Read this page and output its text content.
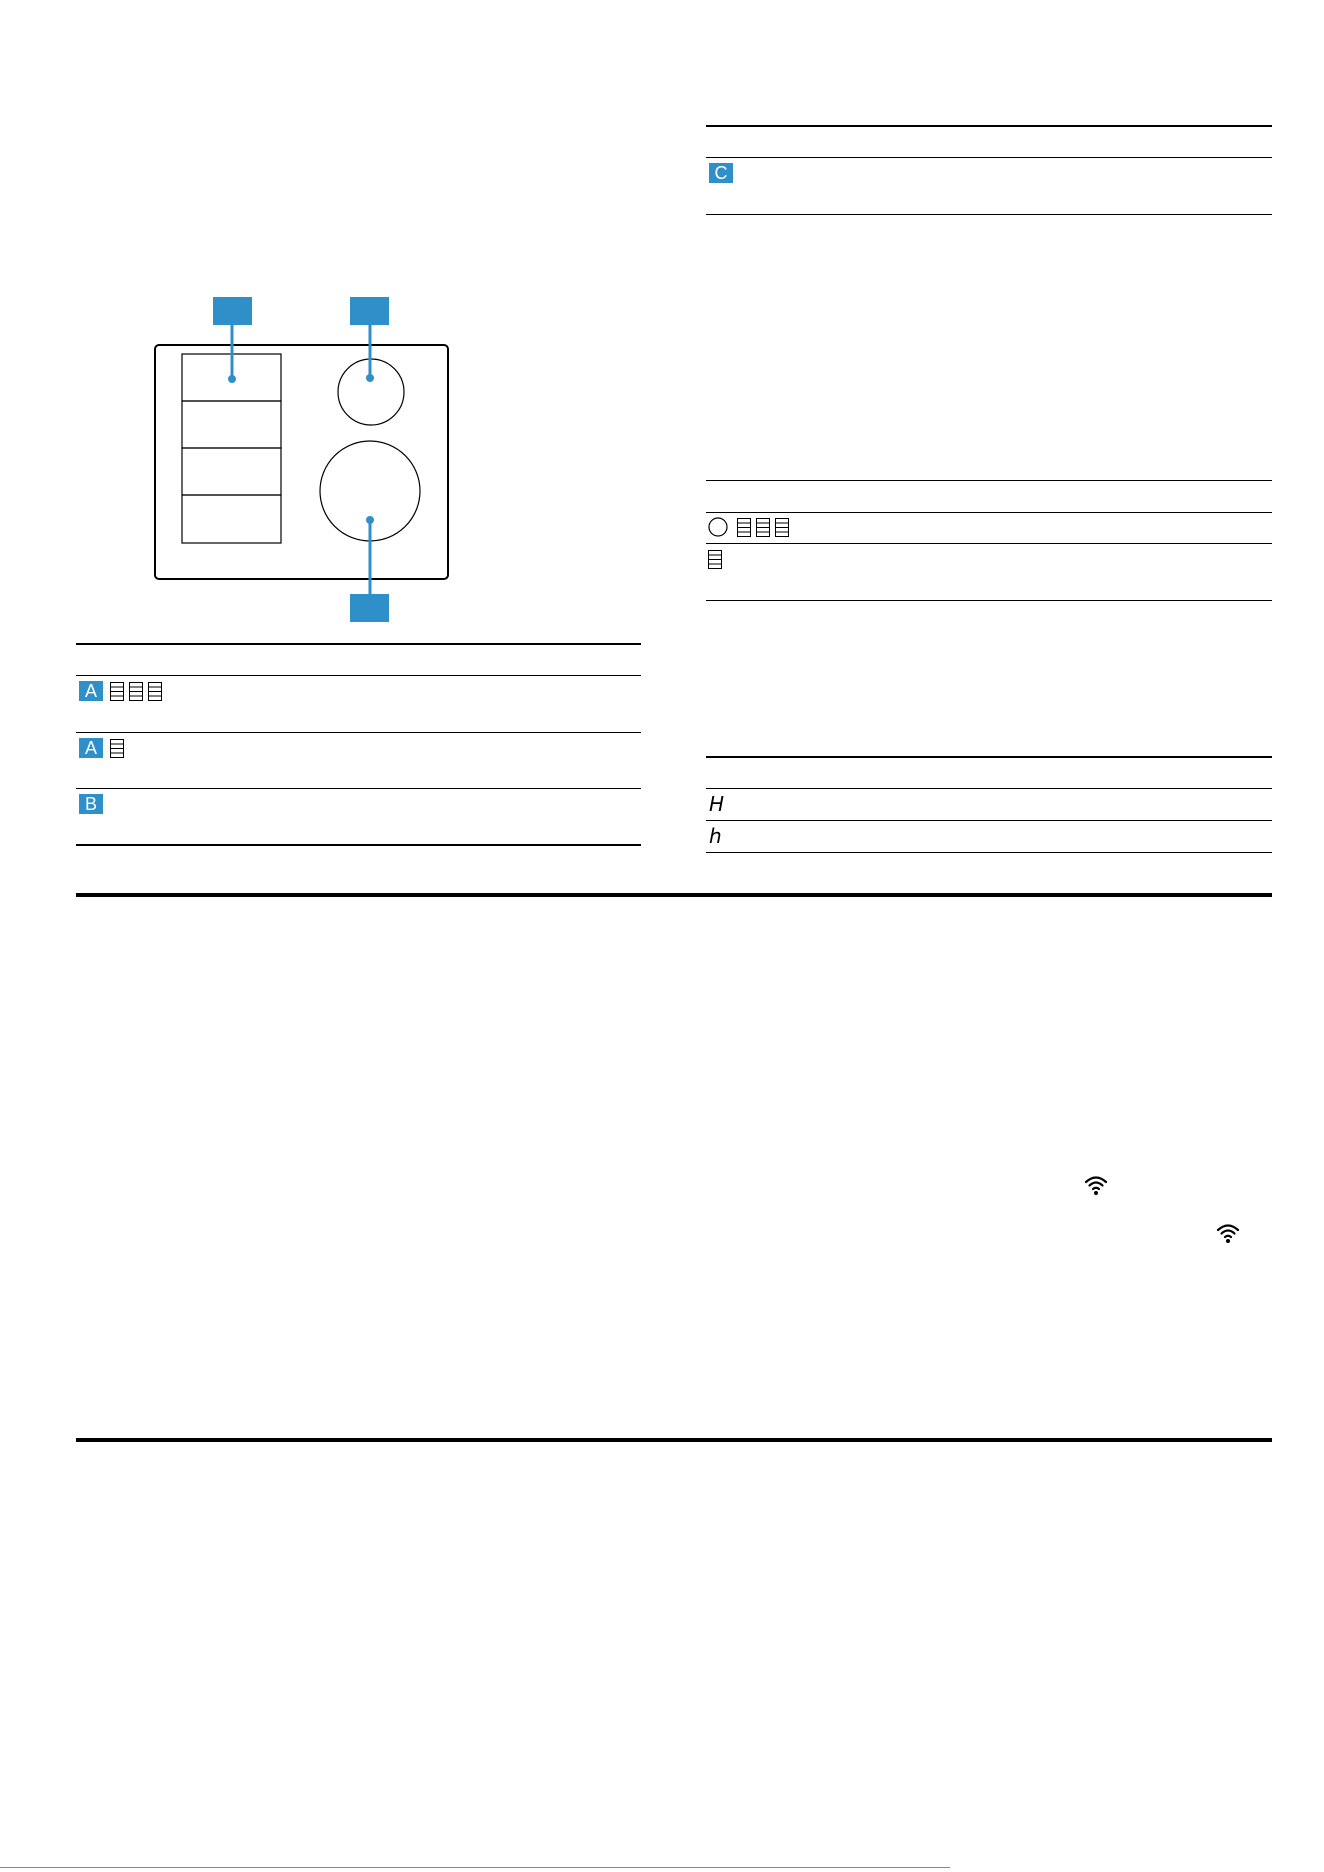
A
A
B
C
H
h
